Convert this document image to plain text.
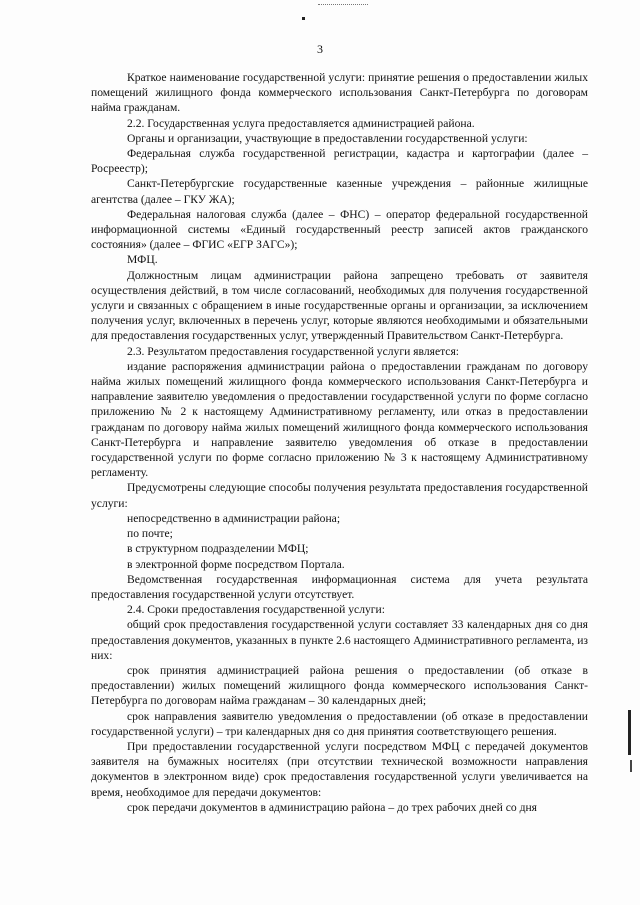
3

Краткое наименование государственной услуги: принятие решения о предоставлении жилых помещений жилищного фонда коммерческого использования Санкт-Петербурга по договорам найма гражданам.

2.2. Государственная услуга предоставляется администрацией района.

Органы и организации, участвующие в предоставлении государственной услуги:

Федеральная служба государственной регистрации, кадастра и картографии (далее – Росреестр);

Санкт-Петербургские государственные казенные учреждения – районные жилищные агентства (далее – ГКУ ЖА);

Федеральная налоговая служба (далее – ФНС) – оператор федеральной государственной информационной системы «Единый государственный реестр записей актов гражданского состояния» (далее – ФГИС «ЕГР ЗАГС»);

МФЦ.

Должностным лицам администрации района запрещено требовать от заявителя осуществления действий, в том числе согласований, необходимых для получения государственной услуги и связанных с обращением в иные государственные органы и организации, за исключением получения услуг, включенных в перечень услуг, которые являются необходимыми и обязательными для предоставления государственных услуг, утвержденный Правительством Санкт-Петербурга.

2.3. Результатом предоставления государственной услуги является:

издание распоряжения администрации района о предоставлении гражданам по договору найма жилых помещений жилищного фонда коммерческого использования Санкт-Петербурга и направление заявителю уведомления о предоставлении государственной услуги по форме согласно приложению № 2 к настоящему Административному регламенту, или отказ в предоставлении гражданам по договору найма жилых помещений жилищного фонда коммерческого использования Санкт-Петербурга и направление заявителю уведомления об отказе в предоставлении государственной услуги по форме согласно приложению № 3 к настоящему Административному регламенту.

Предусмотрены следующие способы получения результата предоставления государственной услуги:

непосредственно в администрации района;

по почте;

в структурном подразделении МФЦ;

в электронной форме посредством Портала.

Ведомственная государственная информационная система для учета результата предоставления государственной услуги отсутствует.

2.4. Сроки предоставления государственной услуги:

общий срок предоставления государственной услуги составляет 33 календарных дня со дня предоставления документов, указанных в пункте 2.6 настоящего Административного регламента, из них:

срок принятия администрацией района решения о предоставлении (об отказе в предоставлении) жилых помещений жилищного фонда коммерческого использования Санкт-Петербурга по договорам найма гражданам – 30 календарных дней;

срок направления заявителю уведомления о предоставлении (об отказе в предоставлении государственной услуги) – три календарных дня со дня принятия соответствующего решения.

При предоставлении государственной услуги посредством МФЦ с передачей документов заявителя на бумажных носителях (при отсутствии технической возможности направления документов в электронном виде) срок предоставления государственной услуги увеличивается на время, необходимое для передачи документов:

срок передачи документов в администрацию района – до трех рабочих дней со дня
